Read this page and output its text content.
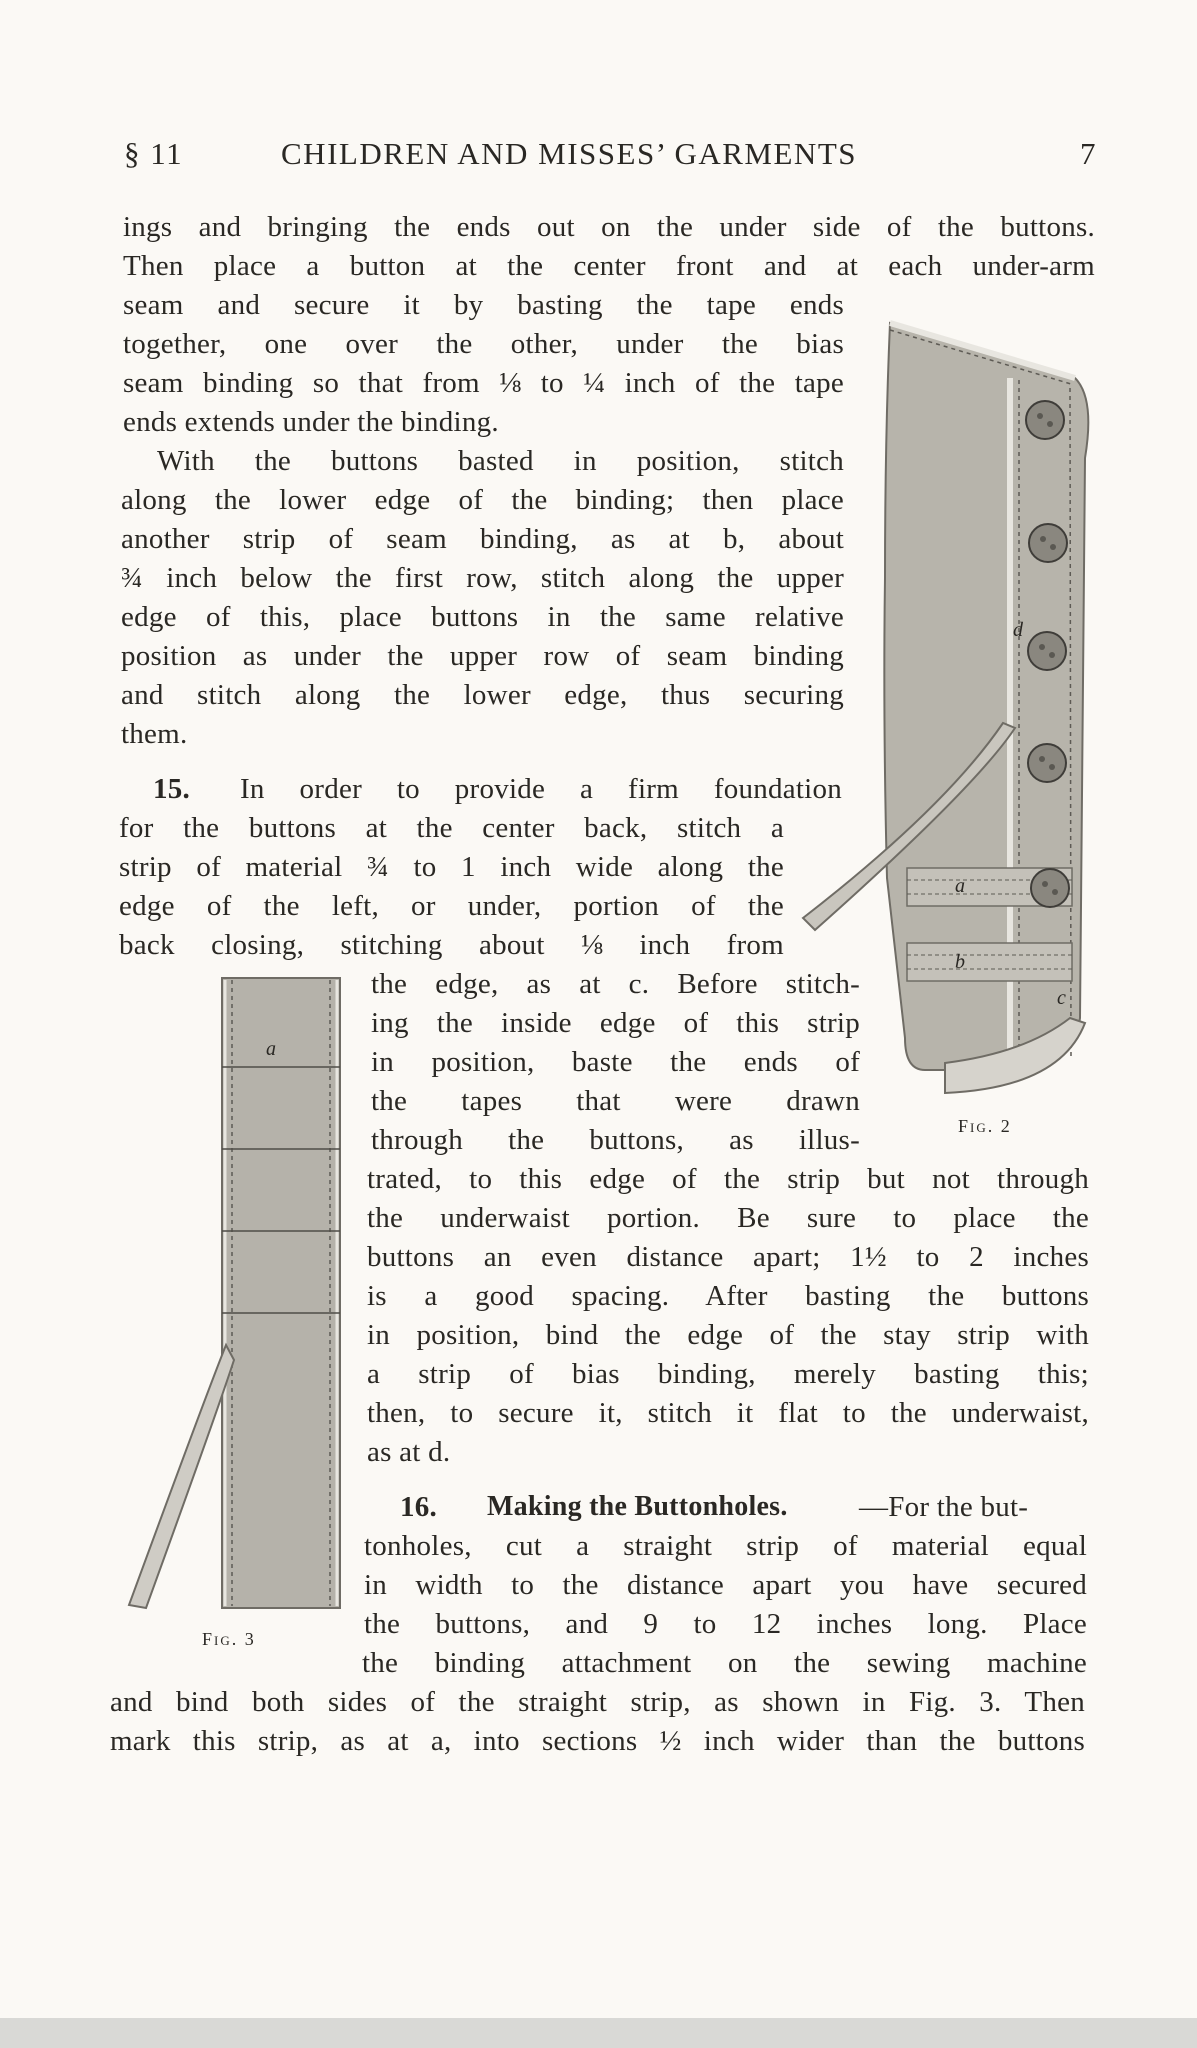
§ 11	CHILDREN AND MISSES’ GARMENTS	7
ings and bringing the ends out on the under side of the buttons.
Then place a button at the center front and at each under-arm
seam and secure it by basting the tape ends
together, one over the other, under the bias
seam binding so that from ⅛ to ¼ inch of the tape
ends extends under the binding.
With the buttons basted in position, stitch
along the lower edge of the binding; then place
another strip of seam binding, as at b, about
¾ inch below the first row, stitch along the upper
edge of this, place buttons in the same relative
position as under the upper row of seam binding
and stitch along the lower edge, thus securing
them.
15. In order to provide a firm foundation
for the buttons at the center back, stitch a
strip of material ¾ to 1 inch wide along the
edge of the left, or under, portion of the
back closing, stitching about ⅛ inch from
the edge, as at c. Before stitch-
ing the inside edge of this strip
in position, baste the ends of
the tapes that were drawn
through the buttons, as illus-
trated, to this edge of the strip but not through
the underwaist portion. Be sure to place the
buttons an even distance apart; 1½ to 2 inches
is a good spacing. After basting the buttons
in position, bind the edge of the stay strip with
a strip of bias binding, merely basting this;
then, to secure it, stitch it flat to the underwaist,
as at d.
16. Making the Buttonholes. —For the but-
tonholes, cut a straight strip of material equal
in width to the distance apart you have secured
the buttons, and 9 to 12 inches long. Place
the binding attachment on the sewing machine
and bind both sides of the straight strip, as shown in Fig. 3. Then
mark this strip, as at a, into sections ½ inch wider than the buttons
d
a
b
c
Fig. 2
a
Fig. 3
